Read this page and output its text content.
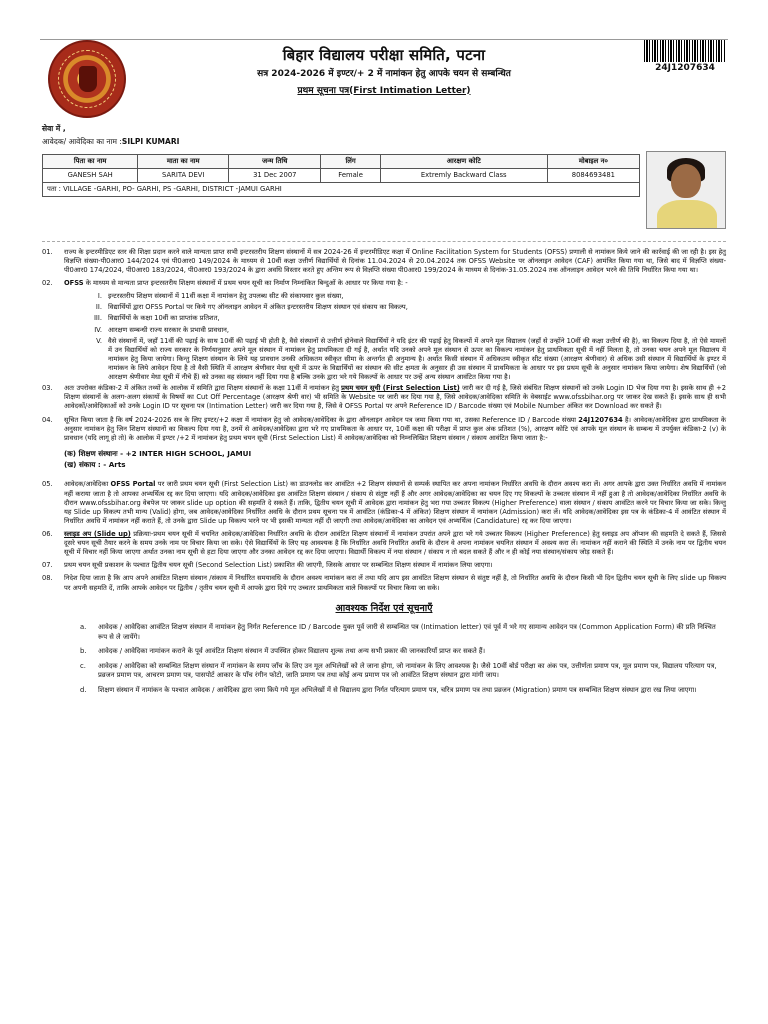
बिहार विद्यालय परीक्षा समिति, पटना
सत्र 2024-2026 में इण्टर/+ 2 में नामांकन हेतु आपके चयन से सम्बन्धित
प्रथम सूचना पत्र(First Intimation Letter)
24J1207634
सेवा में ,
आवेदक/ आवेदिका का नाम :SILPI KUMARI
पिता का नाम	माता का नाम	जन्म तिथि	लिंग	आरक्षण कोटि	मोबाइल न०
GANESH SAH	SARITA DEVI	31 Dec 2007	Female	Extremly Backward Class	8084693481
पता : VILLAGE -GARHI, PO- GARHI, PS -GARHI, DISTRICT -JAMUI GARHI					
01.	राज्य के इन्टरमीडिएट स्तर की शिक्षा प्रदान करने वाले मान्यता प्राप्त सभी इन्टरस्तरीय शिक्षण संस्थानों में सत्र 2024-26 में इन्टरमीडिएट कक्षा में Online Facilitation System for Students (OFSS) प्रणाली से नामांकन किये जाने की कार्रवाई की जा रही है। इस हेतु विज्ञप्ति संख्या-पी0आर0 144/2024 एवं पी0आर0 149/2024 के माध्यम से 10वीं कक्षा उत्तीर्ण विद्यार्थियों से दिनांक 11.04.2024 से 20.04.2024 तक OFSS Website पर ऑनलाइन आवेदन (CAF) आमंत्रित किया गया था, जिसे बाद में विज्ञप्ति संख्या-पी0आर0 174/2024, पी0आर0 183/2024, पी0आर0 193/2024 के द्वारा अवधि विस्तार करते हुए अन्तिम रूप से विज्ञप्ति संख्या पी0आर0 199/2024 के माध्यम से दिनांक-31.05.2024 तक ऑनलाइन आवेदन भरने की तिथि निर्धारित किया गया था।
02.	OFSS के माध्यम से मान्यता प्राप्त इन्टरस्तरीय शिक्षण संस्थानों में प्रथम चयन सूची का निर्माण निम्नांकित बिन्दुओं के आधार पर किया गया है: -
I. इन्टरस्तरीय शिक्षण संस्थानों में 11वीं कक्षा में नामांकन हेतु उपलब्ध सीट की संकायवार कुल संख्या,
II. विद्यार्थियों द्वारा OFSS Portal पर किये गए ऑनलाइन आवेदन में अंकित इन्टरस्तरीय शिक्षण संस्थान एवं संकाय का विकल्प,
III. विद्यार्थियों के कक्षा 10वीं का प्राप्तांक प्रतिशत,
IV. आरक्षण सम्बन्धी राज्य सरकार के प्रभावी प्रावधान,
V. वैसे संस्थानों में, जहाँ 11वीं की पढ़ाई के साथ 10वीं की पढ़ाई भी होती है, वैसे संस्थानों से उत्तीर्ण होनेवाले विद्यार्थियों ने यदि इंटर की पढ़ाई हेतु विकल्पों में अपने मूल विद्यालय (जहाँ से उन्होंने 10वीं की कक्षा उत्तीर्ण की है), का विकल्प दिया है, तो ऐसे मामलों में उन विद्यार्थियों को राज्य सरकार के निर्णयानुसार अपने मूल संस्थान में नामांकन हेतु प्राथमिकता दी गई है, अर्थात यदि उनको अपने मूल संस्थान से ऊपर का विकल्प नामांकन हेतु प्राथमिकता सूची में नहीं मिलता है, तो उनका चयन अपने मूल विद्यालय में नामांकन हेतु किया जायेगा। किन्तु शिक्षण संस्थान के लिये यह प्रावधान उनकी अधिकतम स्वीकृत सीमा के अन्तर्गत ही अनुमान्य है। अर्थात किसी संस्थान में अधिकतम स्वीकृत सीट संख्या (आरक्षण श्रेणीवार) से अधिक उसी संस्थान में विद्यार्थियों के इण्टर में नामांकन के लिये आवेदन दिया है तो वैसी स्थिति में आरक्षण श्रेणीवार मेधा सूची में ऊपर के विद्यार्थियों का संस्थान की सीट क्षमता के अनुसार ही उस संस्थान में प्राथमिकता के आधार पर इस प्रथम सूची के अनुसार नामांकन किया जायेगा। शेष विद्यार्थियों (जो आरक्षण श्रेणीवार मेधा सूची में नीचे हैं) को उनका वह संस्थान नहीं दिया गया है बल्कि उनके द्वारा भरे गये विकल्पों के आधार पर उन्हें अन्य संस्थान आवंटित किया गया है।
03.	अतः उपरोक्त कंडिका-2 में अंकित तथ्यों के आलोक में समिति द्वारा शिक्षण संस्थानों के कक्षा 11वीं में नामांकन हेतु प्रथम चयन सूची (First Selection List) जारी कर दी गई है, जिसे संबंधित शिक्षण संस्थानों को उनके Login ID भेज दिया गया है। इसके साथ ही +2 शिक्षण संस्थानों के अलग-अलग संकायों के विषयों का Cut Off Percentage (आरक्षण श्रेणी वार) भी समिति के Website पर जारी कर दिया गया है, जिसे आवेदक/आवेदिका समिति के वेबसाईट www.ofssbihar.org पर जाकर देख सकते हैं। इसके साथ ही सभी आवेदकों/आवेदिकाओं को उनके Login ID पर सूचना पत्र (Intimation Letter) जारी कर दिया गया है, जिसे वे OFSS Portal पर अपने Reference ID / Barcode संख्या एवं Mobile Number अंकित कर Download कर सकते हैं।
04.	सूचित किया जाता है कि वर्ष 2024-2026 सत्र के लिए इण्टर/+2 कक्षा में नामांकन हेतु जो आवेदक/आवेदिका के द्वारा ऑनलाइन आवेदन पत्र जमा किया गया था, उसका Reference ID / Barcode संख्या 24J1207634 है। आवेदक/आवेदिका द्वारा प्राथमिकता के अनुसार नामांकन हेतु जिन शिक्षण संस्थानों का विकल्प दिया गया है, उनमें से आवेदक/आवेदिका द्वारा भरे गए प्राथमिकता के आधार पर, 10वीं कक्षा की परीक्षा में प्राप्त कुल अंक प्रतिशत (%), आरक्षण कोटि एवं आपके मूल संस्थान के सम्बन्ध में उपर्युक्त कंडिका-2 (v) के प्रावधान (यदि लागू हो तो) के आलोक में इण्टर /+2 में नामांकन हेतु प्रथम चयन सूची (First Selection List) में आवेदक/आवेदिका को निम्नलिखित शिक्षण संस्थान / संकाय आवंटित किया जाता है:-
(क) शिक्षण संस्थानः - +2 INTER HIGH SCHOOL, JAMUI
(ख) संकाय : - Arts
05.	आवेदक/आवेदिका OFSS Portal पर जारी प्रथम चयन सूची (First Selection List) का डाउनलोड कर आवंटित +2 शिक्षण संस्थानों से सम्पर्क स्थापित कर अपना नामांकन निर्धारित अवधि के दौरान अवश्य करा लें। अगर आपके द्वारा उक्त निर्धारित अवधि में नामांकन नहीं कराया जाता है तो आपका अभ्यर्थित्व रद्द कर दिया जाएगा। यदि आवेदक/आवेदिका इस आवंटित शिक्षण संस्थान / संकाय से संतुष्ट नहीं हैं और अगर आवेदक/आवेदिका का चयन दिए गए विकल्पों के उच्चतर संस्थान में नहीं हुआ है तो आवेदक/आवेदिका निर्धारित अवधि के दौरान www.ofssbihar.org वेबपेज पर जाकर slide up option की सहमति दे सकते हैं। ताकि, द्वितीय चयन सूची में आवेदक द्वारा नामांकन हेतु भरा गया उच्चतर विकल्प (Higher Preference) वाला संस्थान / संकाय आवंटित करने पर विचार किया जा सके। किन्तु यह Slide up विकल्प तभी मान्य (Valid) होगा, जब आवेदक/आवेदिका निर्धारित अवधि के दौरान प्रथम सूचना पत्र में आवंटित (कंडिका-4 में अंकित) शिक्षण संस्थान में नामांकन (Admission) करा लें। यदि आवेदक/आवेदिका इस पत्र के कंडिका-4 में आवंटित संस्थान में निर्धारित अवधि में नामांकन नहीं कराते हैं, तो उनके द्वारा Slide up विकल्प भरने पर भी इसकी मान्यता नहीं दी जाएगी तथा आवेदक/आवेदिका का आवेदन एवं अभ्यर्थित्व (Candidature) रद्द कर दिया जाएगा।
06.	स्लाइड अप (Slide up) प्रक्रियाः-प्रथम चयन सूची में चयनित आवेदक/आवेदिका निर्धारित अवधि के दौरान आवंटित शिक्षण संस्थानों में नामांकन उपरांत अपने द्वारा भरे गये उच्चतर विकल्प (Higher Preference) हेतु स्लाइड अप ऑप्शन की सहमति दे सकते हैं, जिससे दूसरे चयन सूची तैयार करने के समय उनके नाम पर विचार किया जा सके। ऐसे विद्यार्थियों के लिए यह आवश्यक है कि निर्धारित अवधि निर्धारित अवधि के दौरान वे अपना नामांकन चयनित संस्थान में अवश्य करा लें। नामांकन नहीं कराने की स्थिति में उनके नाम पर द्वितीय चयन सूची में विचार नहीं किया जाएगा अर्थात उनका नाम सूची से हटा दिया जाएगा और उनका आवेदन रद्द कर दिया जाएगा। विद्यार्थी विकल्प में नया संस्थान / संकाय न तो बदल सकते हैं और न ही कोई नया संस्थान/संकाय जोड़ सकते हैं।
07.	प्रथम चयन सूची प्रकाशन के पश्चात द्वितीय चयन सूची (Second Selection List) प्रकाशित की जाएगी, जिसके आधार पर सम्बन्धित शिक्षण संस्थान में नामांकन लिया जाएगा।
08.	निदेश दिया जाता है कि आप अपने आवंटित शिक्षण संस्थान /संकाय में निर्धारित समयावधि के दौरान अवश्य नामांकन करा लें तथा यदि आप इस आवंटित शिक्षण संस्थान से संतुष्ट नहीं है, तो निर्धारित अवधि के दौरान किसी भी दिन द्वितीय चयन सूची के लिए slide up विकल्प पर अपनी सहमति दें, ताकि आपके आवेदन पर द्वितीय / तृतीय चयन सूची में आपके द्वारा दिये गए उच्चतर प्राथमिकता वाले विकल्पों पर विचार किया जा सके।
आवश्यक निर्देश एवं सूचनाएँ
a.	आवेदक / आवेदिका आवंटित शिक्षण संस्थान में नामांकन हेतु निर्गत Reference ID / Barcode युक्त पूर्व जारी से सम्बन्धित पत्र (Intimation letter) एवं पूर्व में भरे गए सामान्य आवेदन पत्र (Common Application Form) की प्रति निश्चित रूप से ले जायेंगे।
b.	आवेदक / आवेदिका नामांकन कराने के पूर्व आवंटित शिक्षण संस्थान में उपस्थित होकर विद्यालय शुल्क तथा अन्य सभी प्रकार की जानकारियाँ प्राप्त कर सकते हैं।
c.	आवेदक / आवेदिका को सम्बन्धित शिक्षण संस्थान में नामांकन के समय जाँच के लिए उन मूल अभिलेखों को ले जाना होगा, जो नामांकन के लिए आवश्यक है। जैसे 10वीं बोर्ड परीक्षा का अंक पत्र, उत्तीर्णता प्रमाण पत्र, मूल प्रमाण पत्र, विद्यालय परित्याग पत्र, प्रव्रजन प्रमाण पत्र, आचरण प्रमाण पत्र, पासपोर्ट आकार के पाँच रंगीन फोटो, जाति प्रमाण पत्र तथा कोई अन्य प्रमाण पत्र जो आवंटित शिक्षण संस्थान द्वारा मांगी जाय।
d.	शिक्षण संस्थान में नामांकन के पश्चात आवेदक / आवेदिका द्वारा जमा किये गये मूल अभिलेखों में से विद्यालय द्वारा निर्गत परित्याग प्रमाण पत्र, चरित्र प्रमाण पत्र तथा प्रव्रजन (Migration) प्रमाण पत्र सम्बन्धित शिक्षण संस्थान द्वारा रख लिया जाएगा।
